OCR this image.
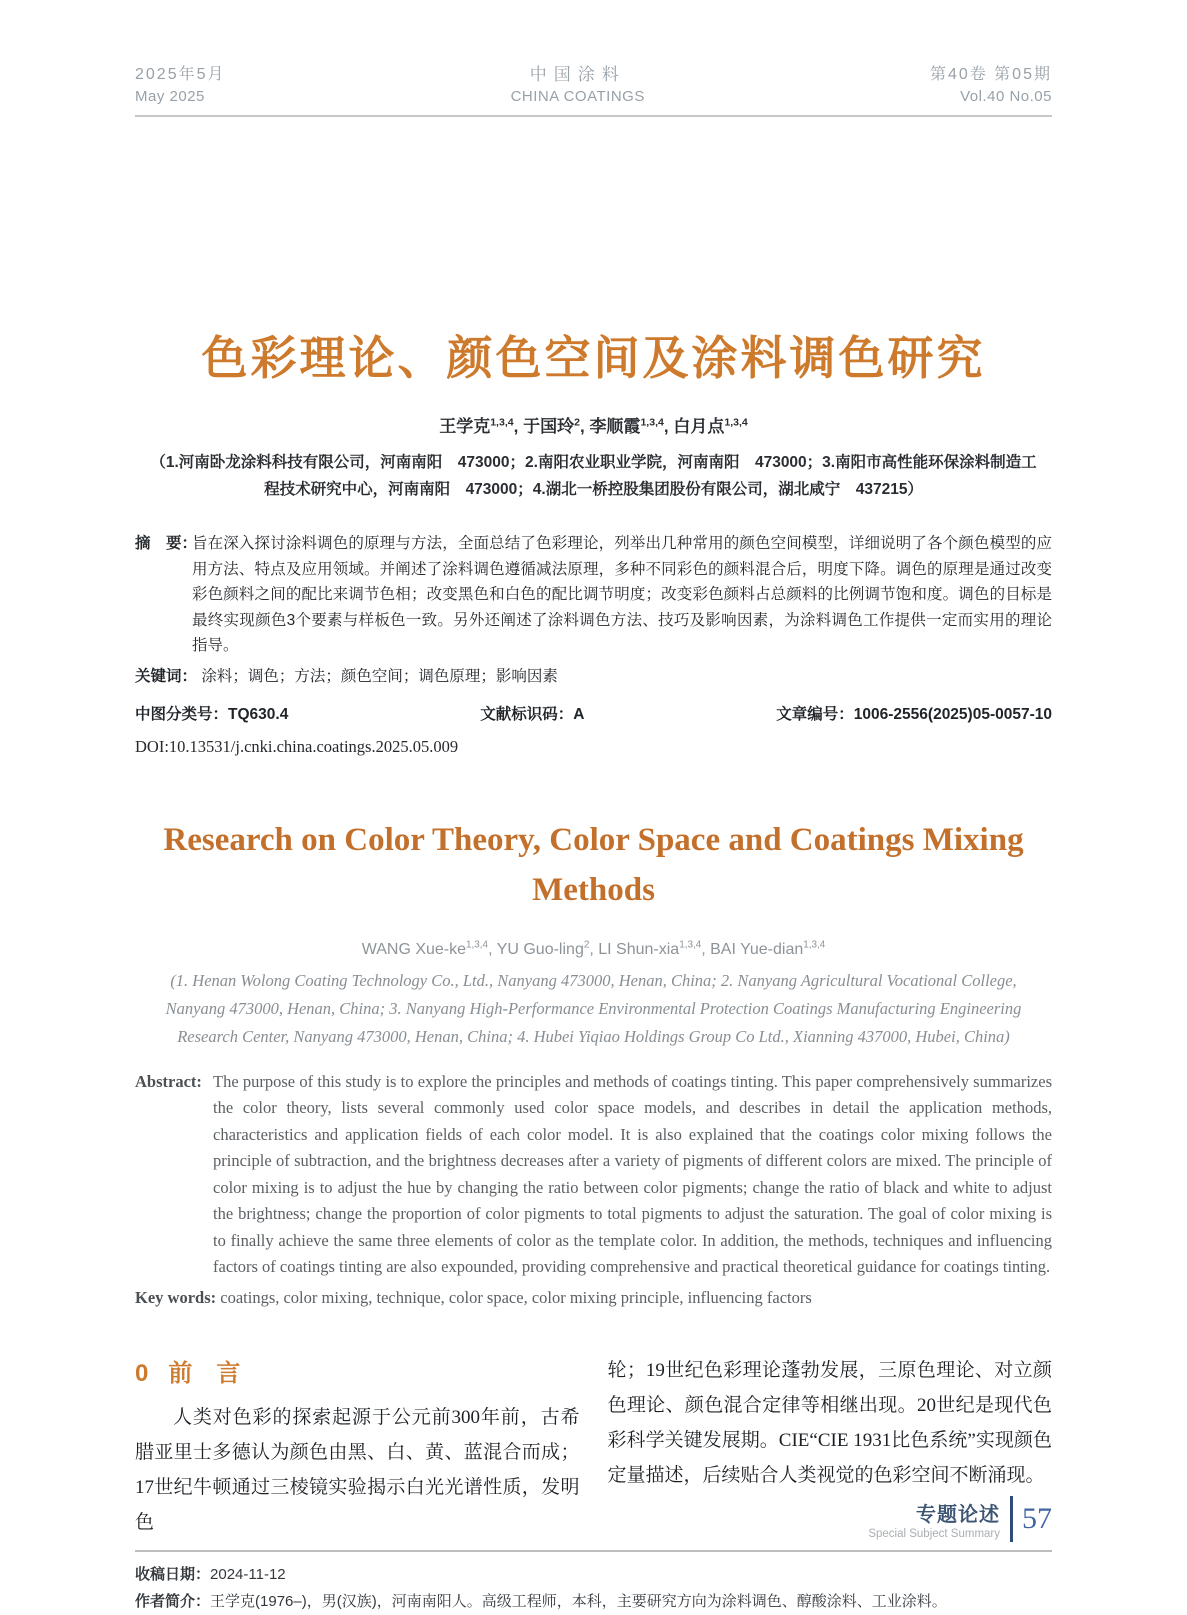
2025年5月
May 2025
中国涂料
CHINA COATINGS
第40卷 第05期
Vol.40 No.05
色彩理论、颜色空间及涂料调色研究
王学克$^{1,3,4}$, 于国玲$^2$, 李顺霞$^{1,3,4}$, 白月点$^{1,3,4}$
（1.河南卧龙涂料科技有限公司，河南南阳　473000；2.南阳农业职业学院，河南南阳　473000；3.南阳市高性能环保涂料制造工
程技术研究中心，河南南阳　473000；4.湖北一桥控股集团股份有限公司，湖北咸宁　437215）
摘　要：
旨在深入探讨涂料调色的原理与方法，全面总结了色彩理论，列举出几种常用的颜色空间模型，详细说明了各个颜色模型的应用方法、特点及应用领域。并阐述了涂料调色遵循减法原理，多种不同彩色的颜料混合后，明度下降。调色的原理是通过改变彩色颜料之间的配比来调节色相；改变黑色和白色的配比调节明度；改变彩色颜料占总颜料的比例调节饱和度。调色的目标是最终实现颜色3个要素与样板色一致。另外还阐述了涂料调色方法、技巧及影响因素，为涂料调色工作提供一定而实用的理论指导。
关键词： 涂料；调色；方法；颜色空间；调色原理；影响因素
中图分类号：TQ630.4	文献标识码：A	文章编号：1006-2556(2025)05-0057-10
DOI:10.13531/j.cnki.china.coatings.2025.05.009
Research on Color Theory, Color Space and Coatings Mixing Methods
WANG Xue-ke$^{1,3,4}$, YU Guo-ling$^2$, LI Shun-xia$^{1,3,4}$, BAI Yue-dian$^{1,3,4}$
(1. Henan Wolong Coating Technology Co., Ltd., Nanyang 473000, Henan, China; 2. Nanyang Agricultural Vocational College,
Nanyang 473000, Henan, China; 3. Nanyang High-Performance Environmental Protection Coatings Manufacturing Engineering
Research Center, Nanyang 473000, Henan, China; 4. Hubei Yiqiao Holdings Group Co Ltd., Xianning 437000, Hubei, China)
Abstract: The purpose of this study is to explore the principles and methods of coatings tinting. This paper comprehensively summarizes the color theory, lists several commonly used color space models, and describes in detail the application methods, characteristics and application fields of each color model. It is also explained that the coatings color mixing follows the principle of subtraction, and the brightness decreases after a variety of pigments of different colors are mixed. The principle of color mixing is to adjust the hue by changing the ratio between color pigments; change the ratio of black and white to adjust the brightness; change the proportion of color pigments to total pigments to adjust the saturation. The goal of color mixing is to finally achieve the same three elements of color as the template color. In addition, the methods, techniques and influencing factors of coatings tinting are also expounded, providing comprehensive and practical theoretical guidance for coatings tinting.
Key words: coatings, color mixing, technique, color space, color mixing principle, influencing factors
0 前　言

人类对色彩的探索起源于公元前300年前，古希腊亚里士多德认为颜色由黑、白、黄、蓝混合而成；17世纪牛顿通过三棱镜实验揭示白光光谱性质，发明色

轮；19世纪色彩理论蓬勃发展，三原色理论、对立颜色理论、颜色混合定律等相继出现。20世纪是现代色彩科学关键发展期。CIE“CIE 1931比色系统”实现颜色定量描述，后续贴合人类视觉的色彩空间不断涌现。

收稿日期：2024-11-12
作者简介：王学克(1976–)，男(汉族)，河南南阳人。高级工程师，本科，主要研究方向为涂料调色、醇酸涂料、工业涂料。
专题论述
Special Subject Summary 57
